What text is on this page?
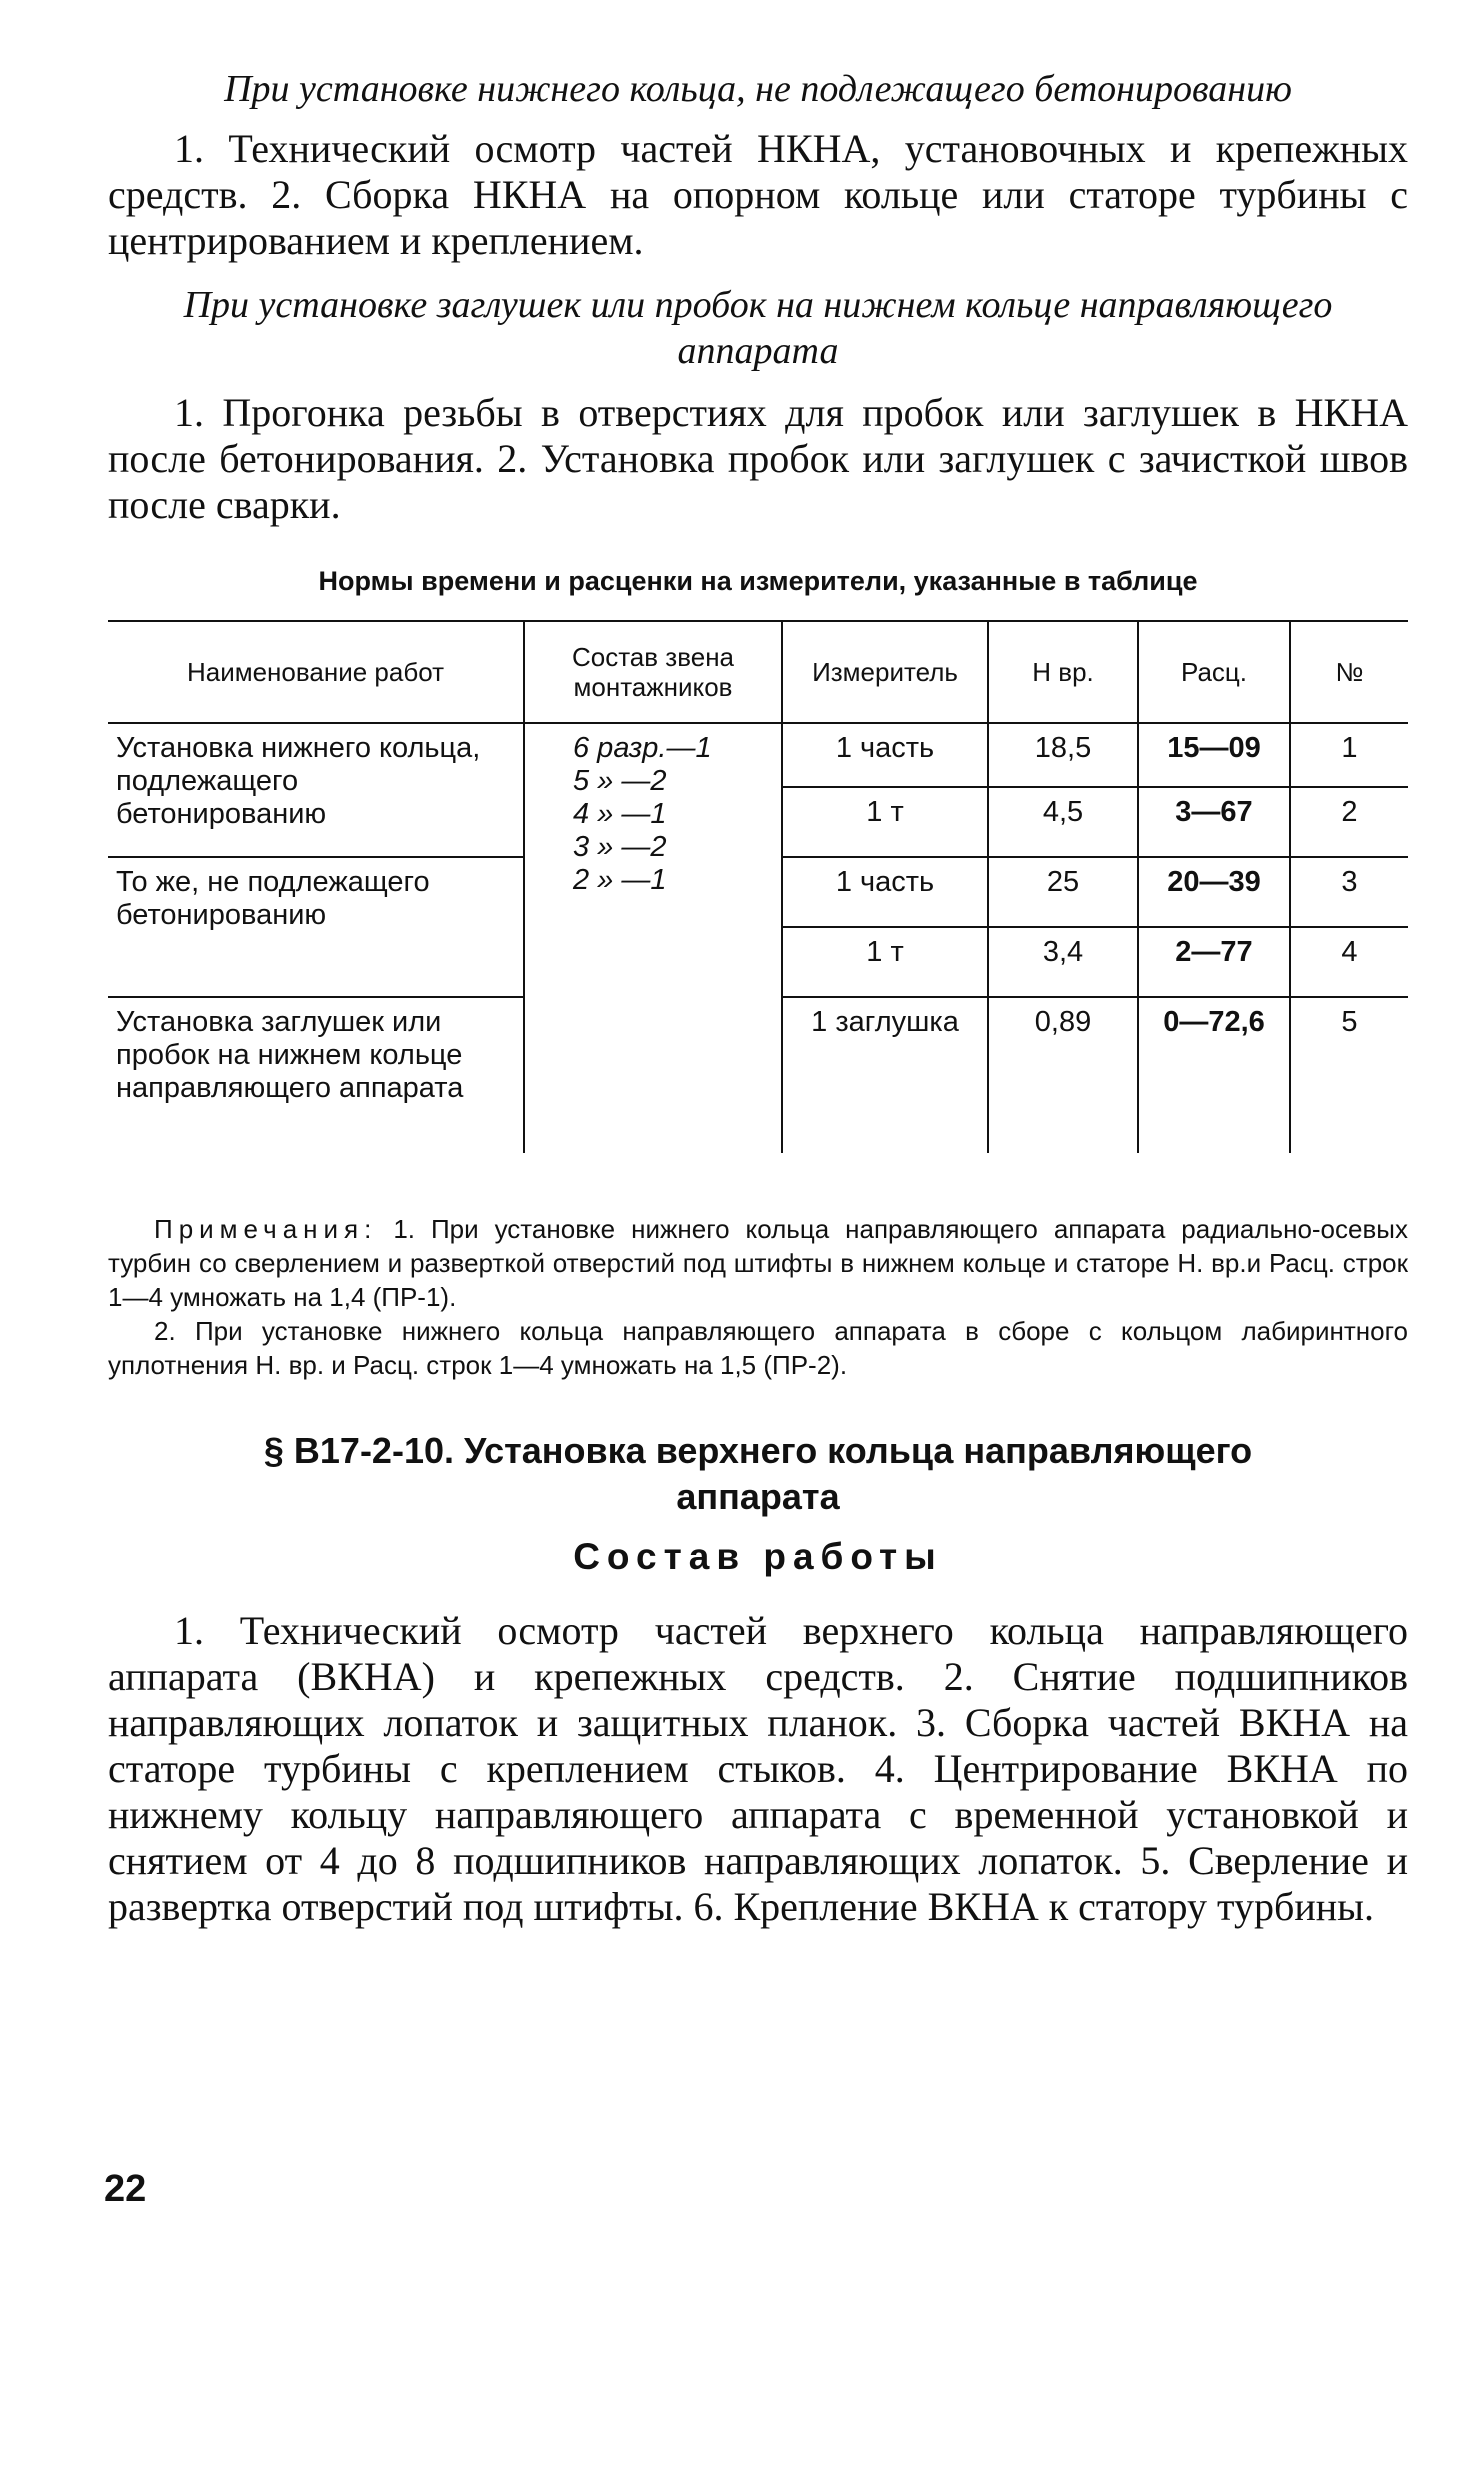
При установке нижнего кольца, не подлежащего бетонированию
1. Технический осмотр частей НКНА, установочных и крепежных средств. 2. Сборка НКНА на опорном кольце или статоре турбины с центрированием и креплением.
При установке заглушек или пробок на нижнем кольце направляющего аппарата
1. Прогонка резьбы в отверстиях для пробок или заглушек в НКНА после бетонирования. 2. Установка пробок или заглушек с зачисткой швов после сварки.
Нормы времени и расценки на измерители, указанные в таблице
Наименование работ	Состав звена монтажников	Измеритель	Н вр.	Расц.	№
Установка нижнего кольца, подлежащего бетонированию	6 разр.—1
5 » —2
4 » —1
3 » —2
2 » —1	1 часть	18,5	15—09	1
		1 т	4,5	3—67	2
То же, не подлежащего бетонированию		1 часть	25	20—39	3
		1 т	3,4	2—77	4
Установка заглушек или пробок на нижнем кольце направляющего аппарата		1 заглушка	0,89	0—72,6	5

Примечания: 1. При установке нижнего кольца направляющего аппарата радиально-осевых турбин со сверлением и разверткой отверстий под штифты в нижнем кольце и статоре Н. вр.и Расц. строк 1—4 умножать на 1,4 (ПР-1).

2. При установке нижнего кольца направляющего аппарата в сборе с кольцом лабиринтного уплотнения Н. вр. и Расц. строк 1—4 умножать на 1,5 (ПР-2).

§ В17-2-10. Установка верхнего кольца направляющего
аппарата
Состав работы
1. Технический осмотр частей верхнего кольца направляющего аппарата (ВКНА) и крепежных средств. 2. Снятие подшипников направляющих лопаток и защитных планок. 3. Сборка частей ВКНА на статоре турбины с креплением стыков. 4. Центрирование ВКНА по нижнему кольцу направляющего аппарата с временной установкой и снятием от 4 до 8 подшипников направляющих лопаток. 5. Сверление и развертка отверстий под штифты. 6. Крепление ВКНА к статору турбины.
22
